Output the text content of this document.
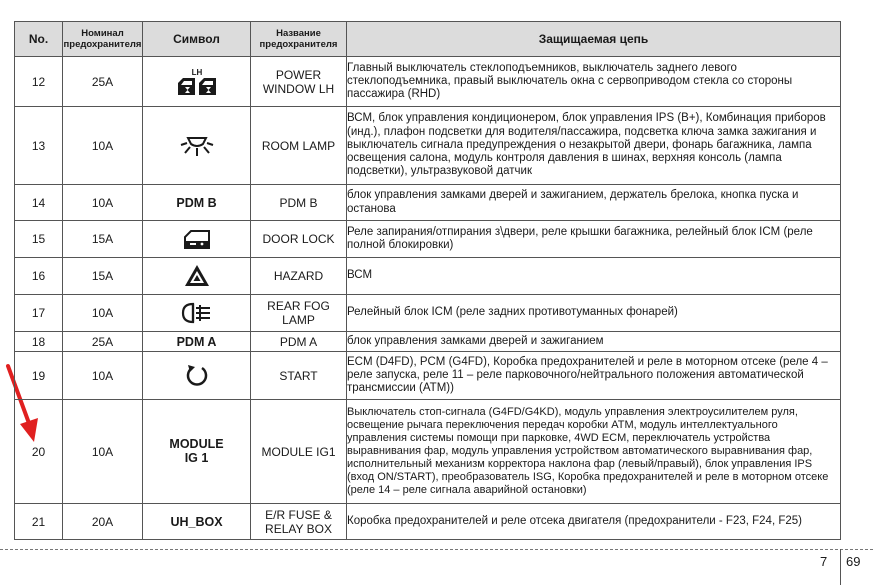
No.	Номинал предохранителя	Символ	Название предохранителя	Защищаемая цепь
12	25A	LH	POWER WINDOW LH	Главный выключатель стеклоподъемников, выключатель заднего левого стеклоподъемника, правый выключатель окна с сервоприводом стекла со стороны пассажира (RHD)
13	10A		ROOM LAMP	ВСМ, блок управления кондиционером, блок управления IPS (В+), Комбинация приборов (инд.), плафон подсветки для водителя/пассажира, подсветка ключа замка зажигания и выключатель сигнала предупреждения о незакрытой двери, фонарь багажника, лампа освещения салона, модуль контроля давления в шинах, верхняя консоль (лампа подсветки), ультразвуковой датчик
14	10A	PDM B	PDM B	блок управления замками дверей и зажиганием, держатель брелока, кнопка пуска и останова
15	15A		DOOR LOCK	Реле запирания/отпирания з\двери, реле крышки багажника, релейный блок ICM (реле полной блокировки)
16	15A		HAZARD	ВСМ
17	10A		REAR FOG LAMP	Релейный блок ICM (реле задних противотуманных фонарей)
18	25A	PDM A	PDM A	блок управления замками дверей и зажиганием
19	10A		START	ECM (D4FD), PCM (G4FD), Коробка предохранителей и реле в моторном отсеке (реле 4 – реле запуска, реле 11 – реле парковочного/нейтрального положения автоматической трансмиссии (ATM))
20	10A	MODULE IG 1	MODULE IG1	Выключатель стоп-сигнала (G4FD/G4KD), модуль управления электроусилителем руля, освещение рычага переключения передач коробки ATM, модуль интеллектуального управления системы помощи при парковке, 4WD ECM, переключатель устройства выравнивания фар, модуль управления устройством автоматического выравнивания фар, исполнительный механизм корректора наклона фар (левый/правый), блок управления IPS (вход ON/START), преобразователь ISG, Коробка предохранителей и реле в моторном отсеке (реле 14 – реле сигнала аварийной остановки)
21	20A	UH_BOX	E/R FUSE & RELAY BOX	Коробка предохранителей и реле отсека двигателя (предохранители - F23, F24, F25)
7 69
